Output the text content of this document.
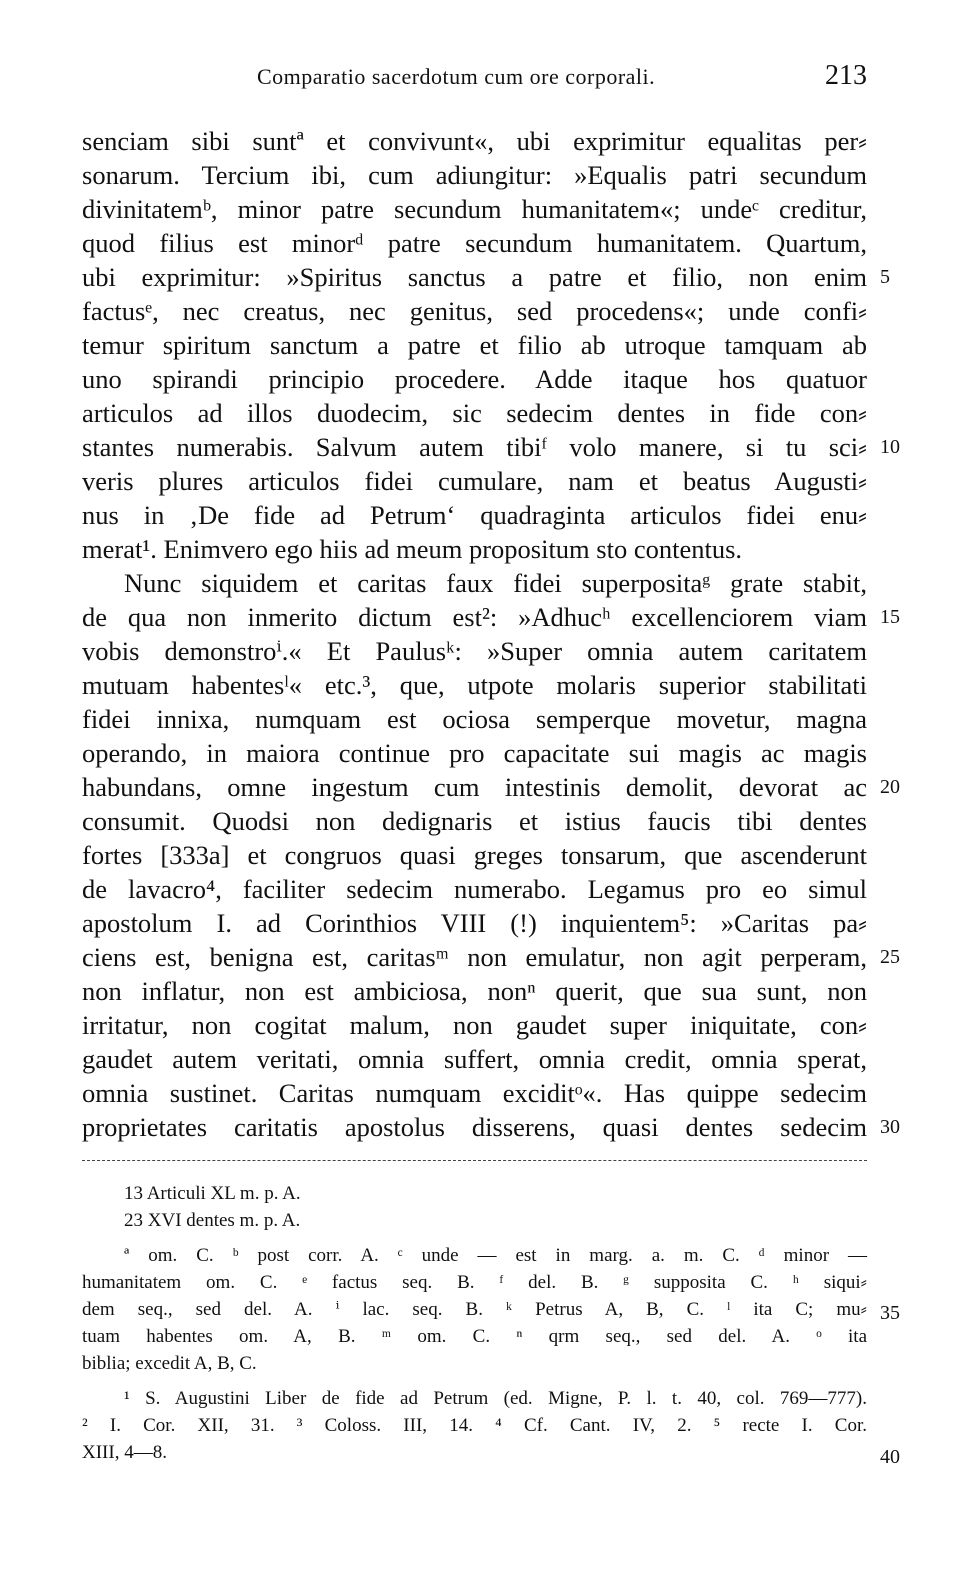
Comparatio sacerdotum cum ore corporali.	213
senciam sibi suntª et convivunt«, ubi exprimitur equalitas per⸗
sonarum. Tercium ibi, cum adiungitur: »Equalis patri secundum
divinitatemᵇ, minor patre secundum humanitatem«; undeᶜ creditur,
quod filius est minorᵈ patre secundum humanitatem. Quartum,
ubi exprimitur: »Spiritus sanctus a patre et filio, non enim
factusᵉ, nec creatus, nec genitus, sed procedens«; unde confi⸗
temur spiritum sanctum a patre et filio ab utroque tamquam ab
uno spirandi principio procedere. Adde itaque hos quatuor
articulos ad illos duodecim, sic sedecim dentes in fide con⸗
stantes numerabis. Salvum autem tibiᶠ volo manere, si tu sci⸗
veris plures articulos fidei cumulare, nam et beatus Augusti⸗
nus in ‚De fide ad Petrum‘ quadraginta articulos fidei enu⸗
merat¹. Enimvero ego hiis ad meum propositum sto contentus.
Nunc siquidem et caritas faux fidei superpositaᵍ grate stabit,
de qua non inmerito dictum est²: »Adhucʰ excellenciorem viam
vobis demonstroⁱ.« Et Paulusᵏ: »Super omnia autem caritatem
mutuam habentesˡ« etc.³, que, utpote molaris superior stabilitati
fidei innixa, numquam est ociosa semperque movetur, magna
operando, in maiora continue pro capacitate sui magis ac magis
habundans, omne ingestum cum intestinis demolit, devorat ac
consumit. Quodsi non dedignaris et istius faucis tibi dentes
fortes [333a] et congruos quasi greges tonsarum, que ascenderunt
de lavacro⁴, faciliter sedecim numerabo. Legamus pro eo simul
apostolum I. ad Corinthios VIII (!) inquientem⁵: »Caritas pa⸗
ciens est, benigna est, caritasᵐ non emulatur, non agit perperam,
non inflatur, non est ambiciosa, nonⁿ querit, que sua sunt, non
irritatur, non cogitat malum, non gaudet super iniquitate, con⸗
gaudet autem veritati, omnia suffert, omnia credit, omnia sperat,
omnia sustinet. Caritas numquam exciditᵒ«. Has quippe sedecim
proprietates caritatis apostolus disserens, quasi dentes sedecim
5
10
15
20
25
30
13 Articuli XL m. p. A.
23 XVI dentes m. p. A.
ª om. C. ᵇ post corr. A. ᶜ unde — est in marg. a. m. C. ᵈ minor —
humanitatem om. C. ᵉ factus seq. B. ᶠ del. B. ᵍ supposita C. ʰ siqui⸗
dem seq., sed del. A. ⁱ lac. seq. B. ᵏ Petrus A, B, C. ˡ ita C; mu⸗
tuam habentes om. A, B. ᵐ om. C. ⁿ qrm seq., sed del. A. ᵒ ita
biblia; excedit A, B, C.
¹ S. Augustini Liber de fide ad Petrum (ed. Migne, P. l. t. 40, col. 769—777).
² I. Cor. XII, 31. ³ Coloss. III, 14. ⁴ Cf. Cant. IV, 2. ⁵ recte I. Cor.
XIII, 4—8.
35
40
